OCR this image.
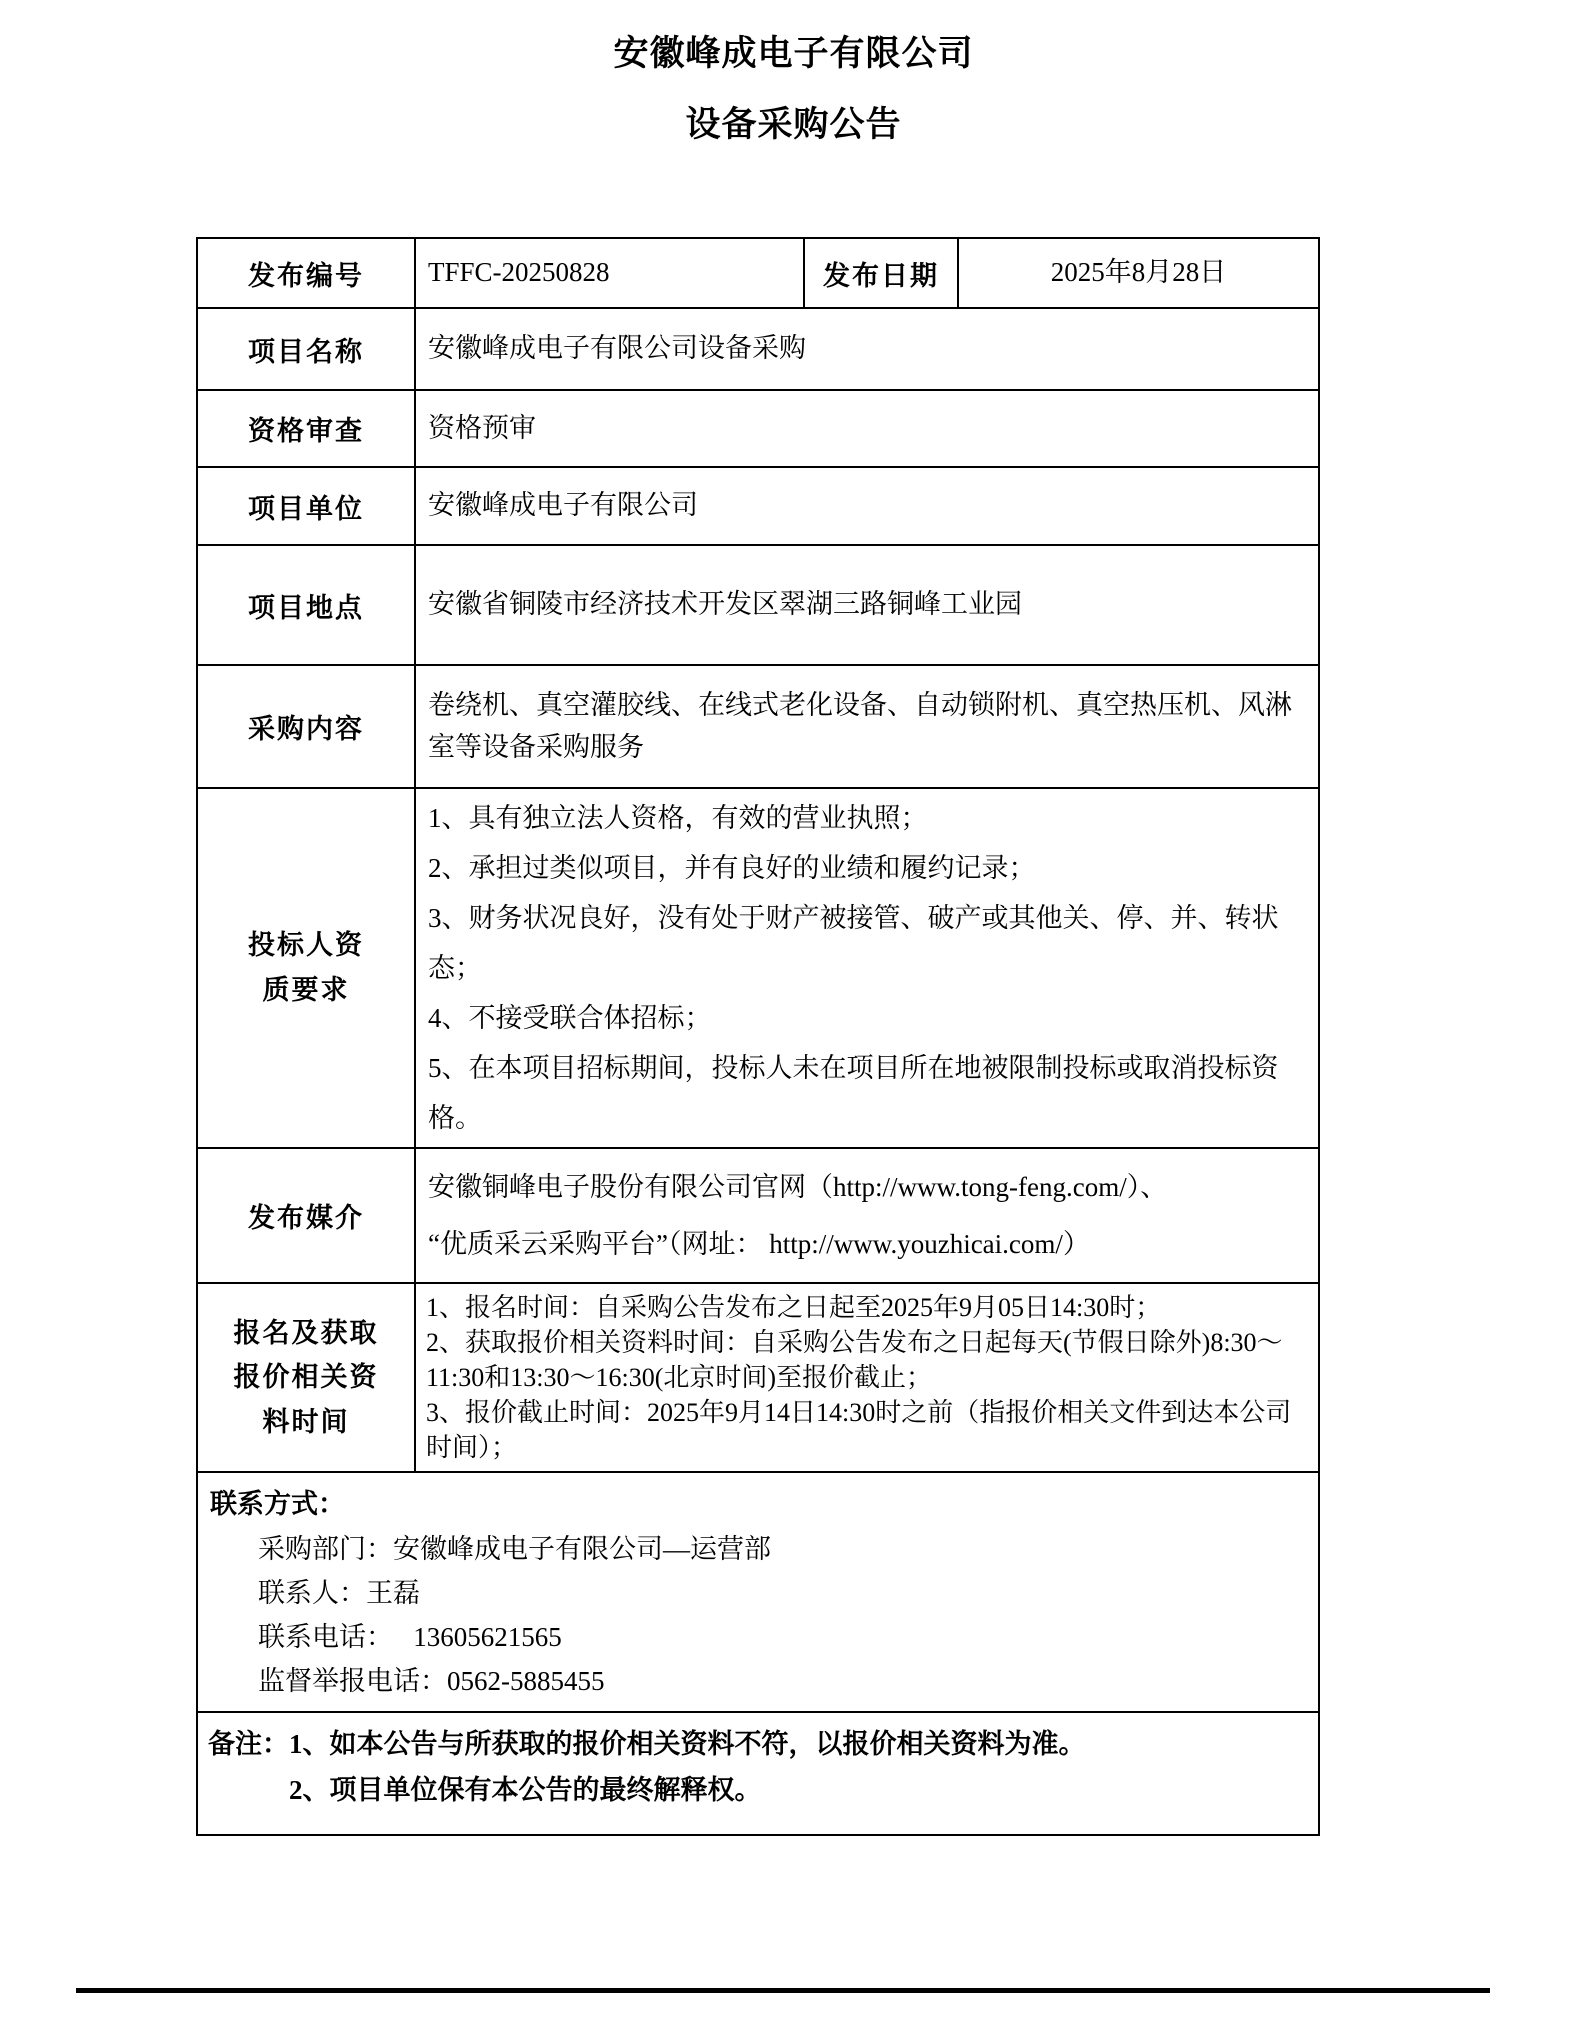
安徽峰成电子有限公司
设备采购公告
发布编号	TFFC-20250828	发布日期	2025年8月28日
项目名称	安徽峰成电子有限公司设备采购		
资格审查	资格预审		
项目单位	安徽峰成电子有限公司		
项目地点	安徽省铜陵市经济技术开发区翠湖三路铜峰工业园		
采购内容	卷绕机、真空灌胶线、在线式老化设备、自动锁附机、真空热压机、风淋室等设备采购服务		
投标人资质要求	1、具有独立法人资格，有效的营业执照；

2、承担过类似项目，并有良好的业绩和履约记录；

3、财务状况良好，没有处于财产被接管、破产或其他关、停、并、转状态；

4、不接受联合体招标；

5、在本项目招标期间，投标人未在项目所在地被限制投标或取消投标资格。		

发布媒介	安徽铜峰电子股份有限公司官网（http://www.tong-feng.com/）、

“优质采云采购平台”（网址： http://www.youzhicai.com/）		

报名及获取报价相关资料时间	1、报名时间：自采购公告发布之日起至2025年9月05日14:30时；

2、获取报价相关资料时间：自采购公告发布之日起每天(节假日除外)8:30～11:30和13:30～16:30(北京时间)至报价截止；

3、报价截止时间：2025年9月14日14:30时之前（指报价相关文件到达本公司时间）；		

联系方式：

采购部门：安徽峰成电子有限公司—运营部

联系人：王磊

联系电话：   13605621565

监督举报电话：0562-5885455			

备注： 1、如本公告与所获取的报价相关资料不符，以报价相关资料为准。

2、项目单位保有本公告的最终解释权。			
